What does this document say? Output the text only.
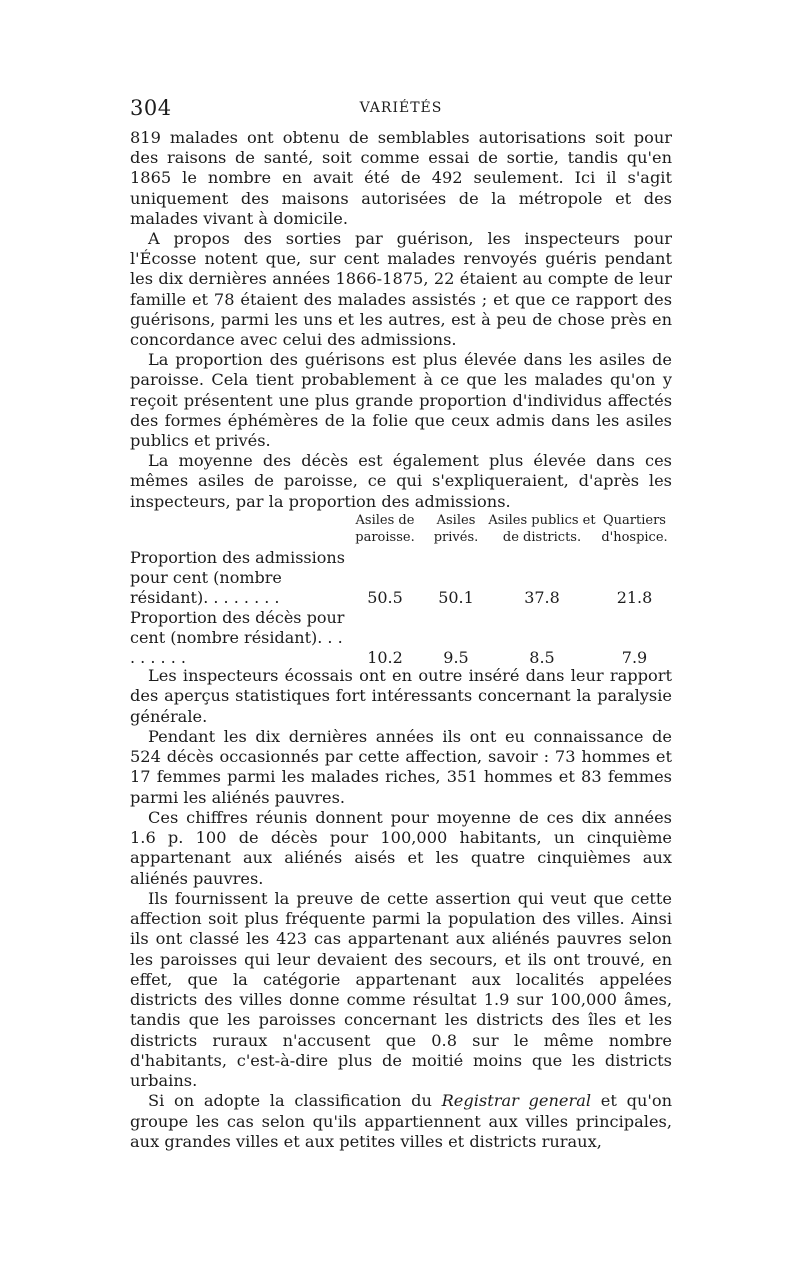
304	VARIÉTÉS

819 malades ont obtenu de semblables autorisations soit pour des raisons de santé, soit comme essai de sortie, tandis qu'en 1865 le nombre en avait été de 492 seulement. Ici il s'agit uniquement des maisons autorisées de la métropole et des malades vivant à domicile.

A propos des sorties par guérison, les inspecteurs pour l'Écosse notent que, sur cent malades renvoyés guéris pendant les dix dernières années 1866-1875, 22 étaient au compte de leur famille et 78 étaient des malades assistés ; et que ce rapport des guérisons, parmi les uns et les autres, est à peu de chose près en concordance avec celui des admissions.

La proportion des guérisons est plus élevée dans les asiles de paroisse. Cela tient probablement à ce que les malades qu'on y reçoit présentent une plus grande proportion d'individus affectés des formes éphémères de la folie que ceux admis dans les asiles publics et privés.

La moyenne des décès est également plus élevée dans ces mêmes asiles de paroisse, ce qui s'expliqueraient, d'après les inspecteurs, par la proportion des admissions.

	Asiles de paroisse.	Asiles privés.	Asiles publics et de districts.	Quartiers d'hospice.
Proportion des admissions pour cent (nombre résidant). . . . . . . .	50.5	50.1	37.8	21.8
Proportion des décès pour cent (nombre résidant). . . . . . . . .	10.2	9.5	8.5	7.9

Les inspecteurs écossais ont en outre inséré dans leur rapport des aperçus statistiques fort intéressants concernant la paralysie générale.

Pendant les dix dernières années ils ont eu connaissance de 524 décès occasionnés par cette affection, savoir : 73 hommes et 17 femmes parmi les malades riches, 351 hommes et 83 femmes parmi les aliénés pauvres.

Ces chiffres réunis donnent pour moyenne de ces dix années 1.6 p. 100 de décès pour 100,000 habitants, un cinquième appartenant aux aliénés aisés et les quatre cinquièmes aux aliénés pauvres.

Ils fournissent la preuve de cette assertion qui veut que cette affection soit plus fréquente parmi la population des villes. Ainsi ils ont classé les 423 cas appartenant aux aliénés pauvres selon les paroisses qui leur devaient des secours, et ils ont trouvé, en effet, que la catégorie appartenant aux localités appelées districts des villes donne comme résultat 1.9 sur 100,000 âmes, tandis que les paroisses concernant les districts des îles et les districts ruraux n'accusent que 0.8 sur le même nombre d'habitants, c'est-à-dire plus de moitié moins que les districts urbains.

Si on adopte la classification du Registrar general et qu'on groupe les cas selon qu'ils appartiennent aux villes principales, aux grandes villes et aux petites villes et districts ruraux,
